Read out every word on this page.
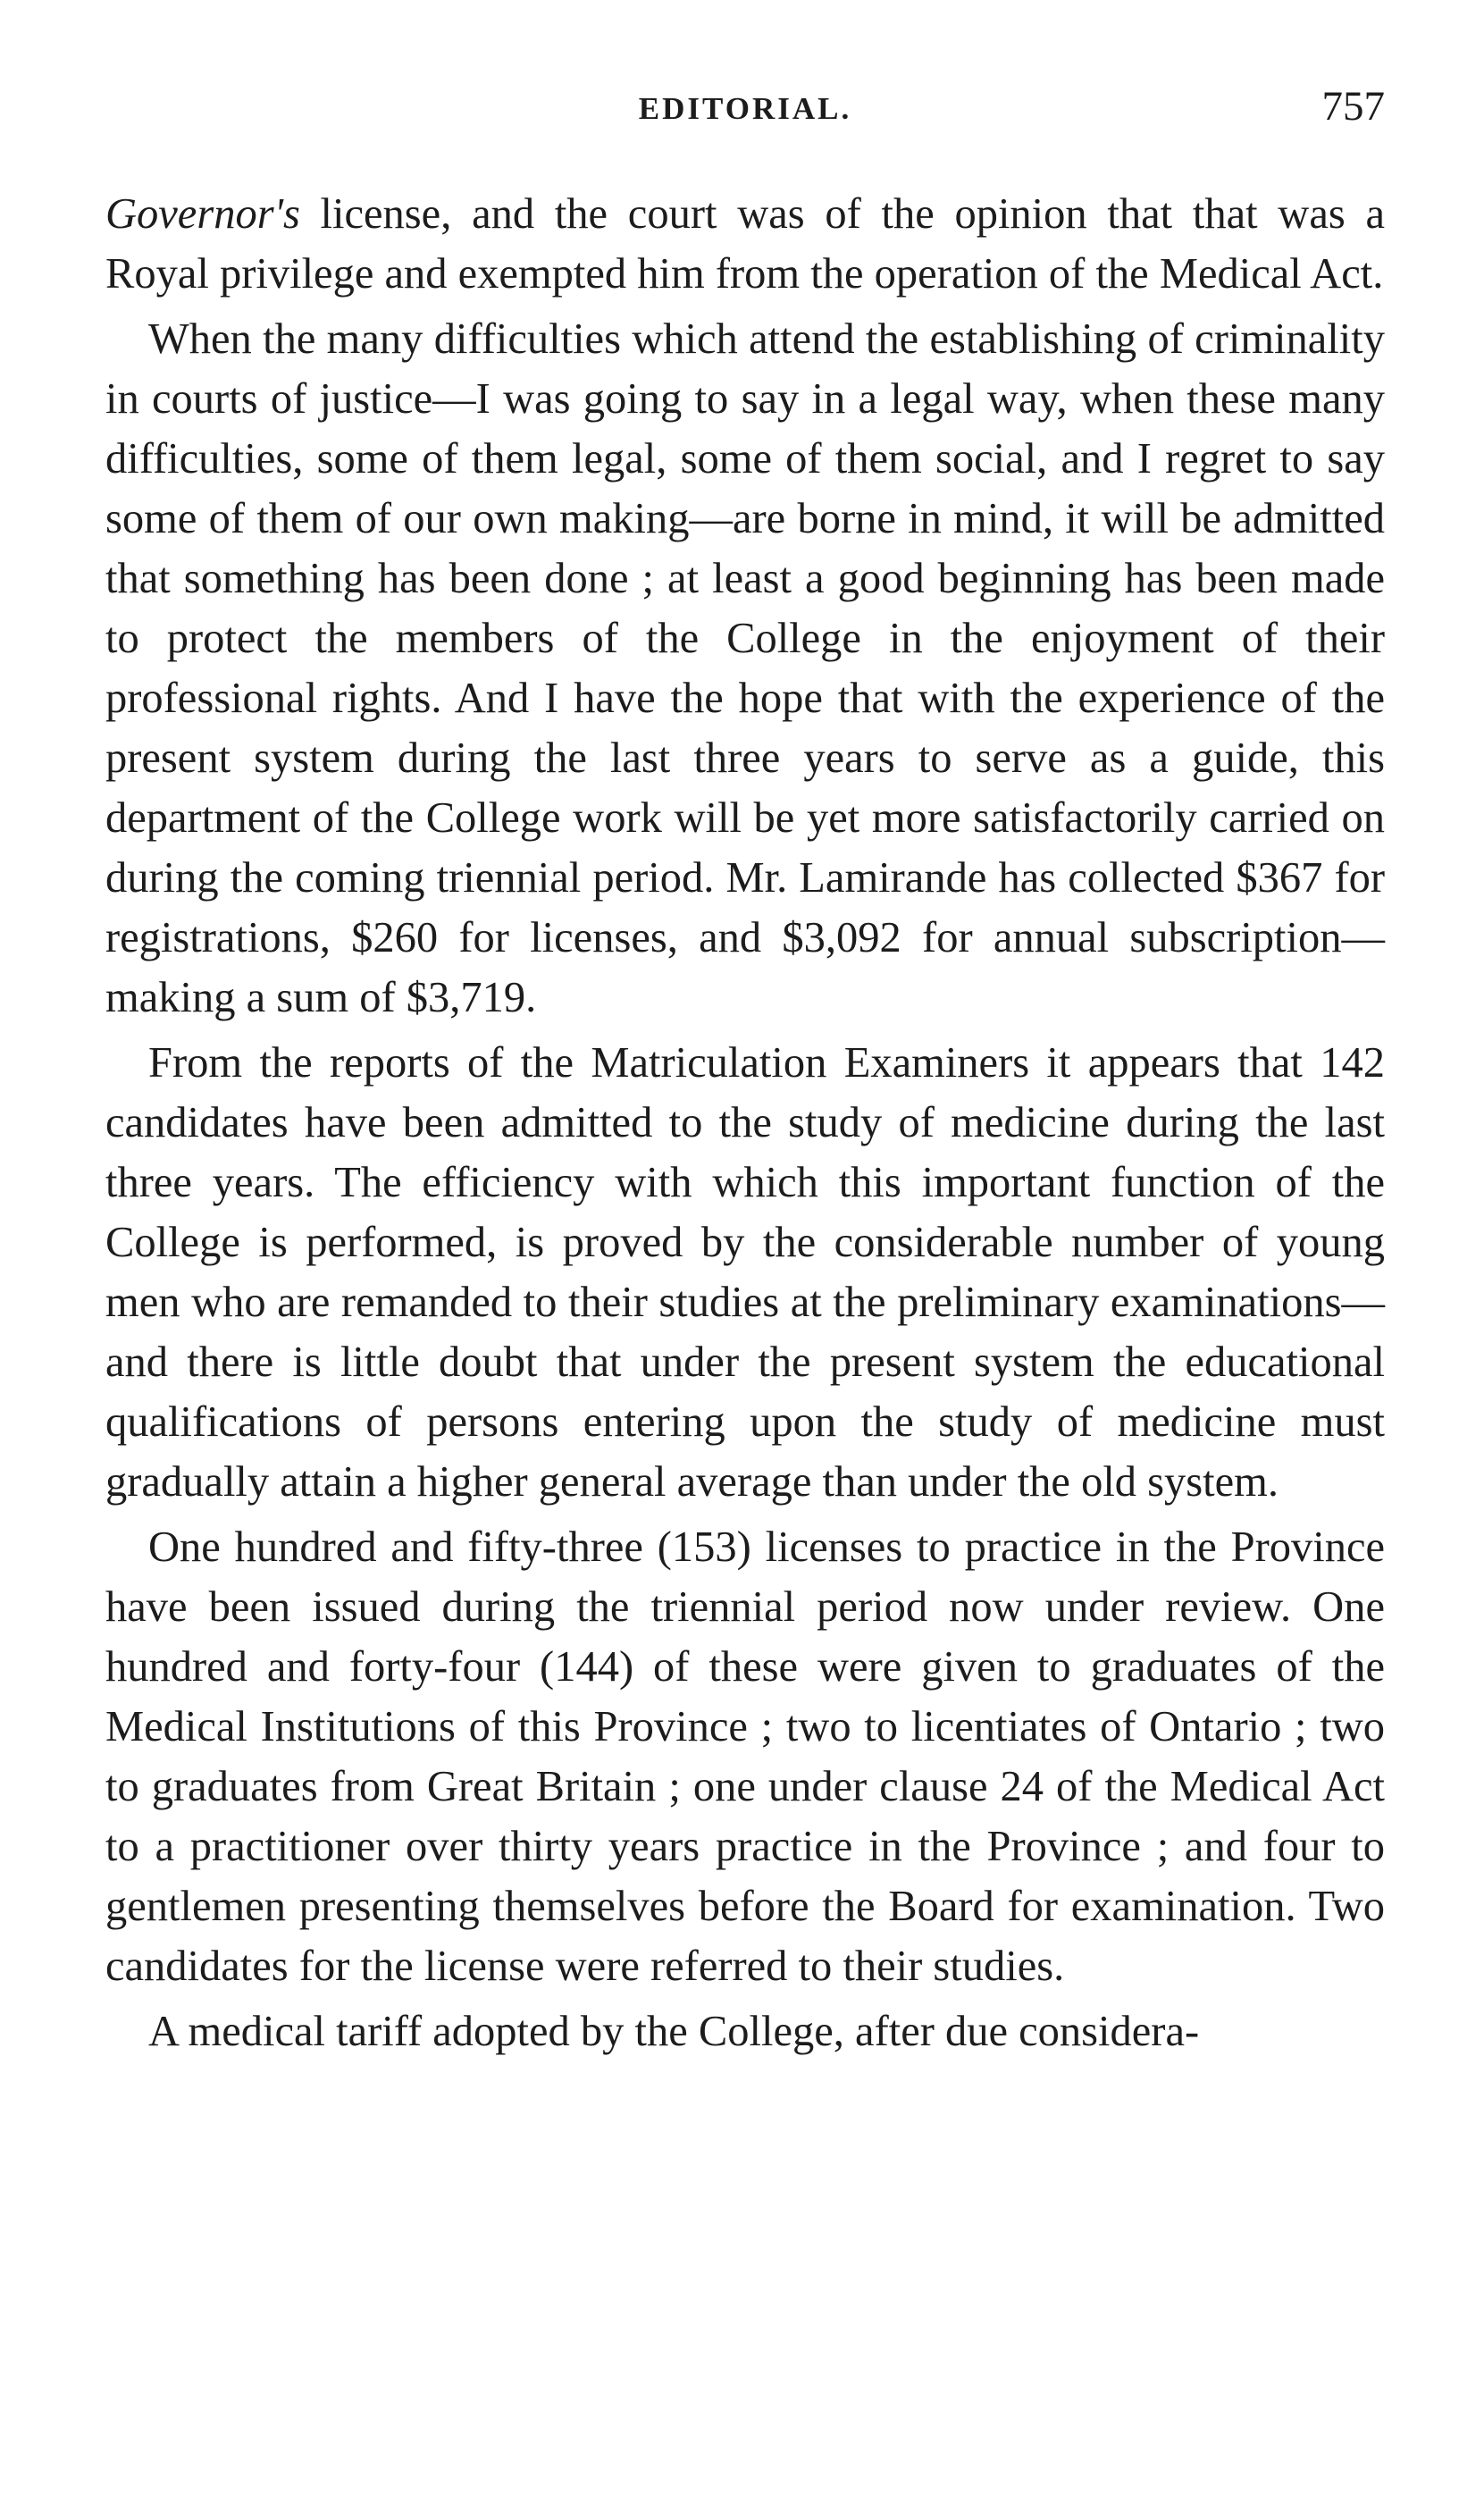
EDITORIAL.	757

Governor's license, and the court was of the opinion that that was a Royal privilege and exempted him from the operation of the Medical Act.

When the many difficulties which attend the establishing of criminality in courts of justice—I was going to say in a legal way, when these many difficulties, some of them legal, some of them social, and I regret to say some of them of our own making—are borne in mind, it will be admitted that something has been done ; at least a good beginning has been made to protect the members of the College in the enjoyment of their professional rights. And I have the hope that with the experience of the present system during the last three years to serve as a guide, this department of the College work will be yet more satisfactorily carried on during the coming triennial period. Mr. Lamirande has collected $367 for registrations, $260 for licenses, and $3,092 for annual subscription—making a sum of $3,719.

From the reports of the Matriculation Examiners it appears that 142 candidates have been admitted to the study of medicine during the last three years. The efficiency with which this important function of the College is performed, is proved by the considerable number of young men who are remanded to their studies at the preliminary examinations—and there is little doubt that under the present system the educational qualifications of persons entering upon the study of medicine must gradually attain a higher general average than under the old system.

One hundred and fifty-three (153) licenses to practice in the Province have been issued during the triennial period now under review. One hundred and forty-four (144) of these were given to graduates of the Medical Institutions of this Province ; two to licentiates of Ontario ; two to graduates from Great Britain ; one under clause 24 of the Medical Act to a practitioner over thirty years practice in the Province ; and four to gentlemen presenting themselves before the Board for examination. Two candidates for the license were referred to their studies.

A medical tariff adopted by the College, after due considera-
